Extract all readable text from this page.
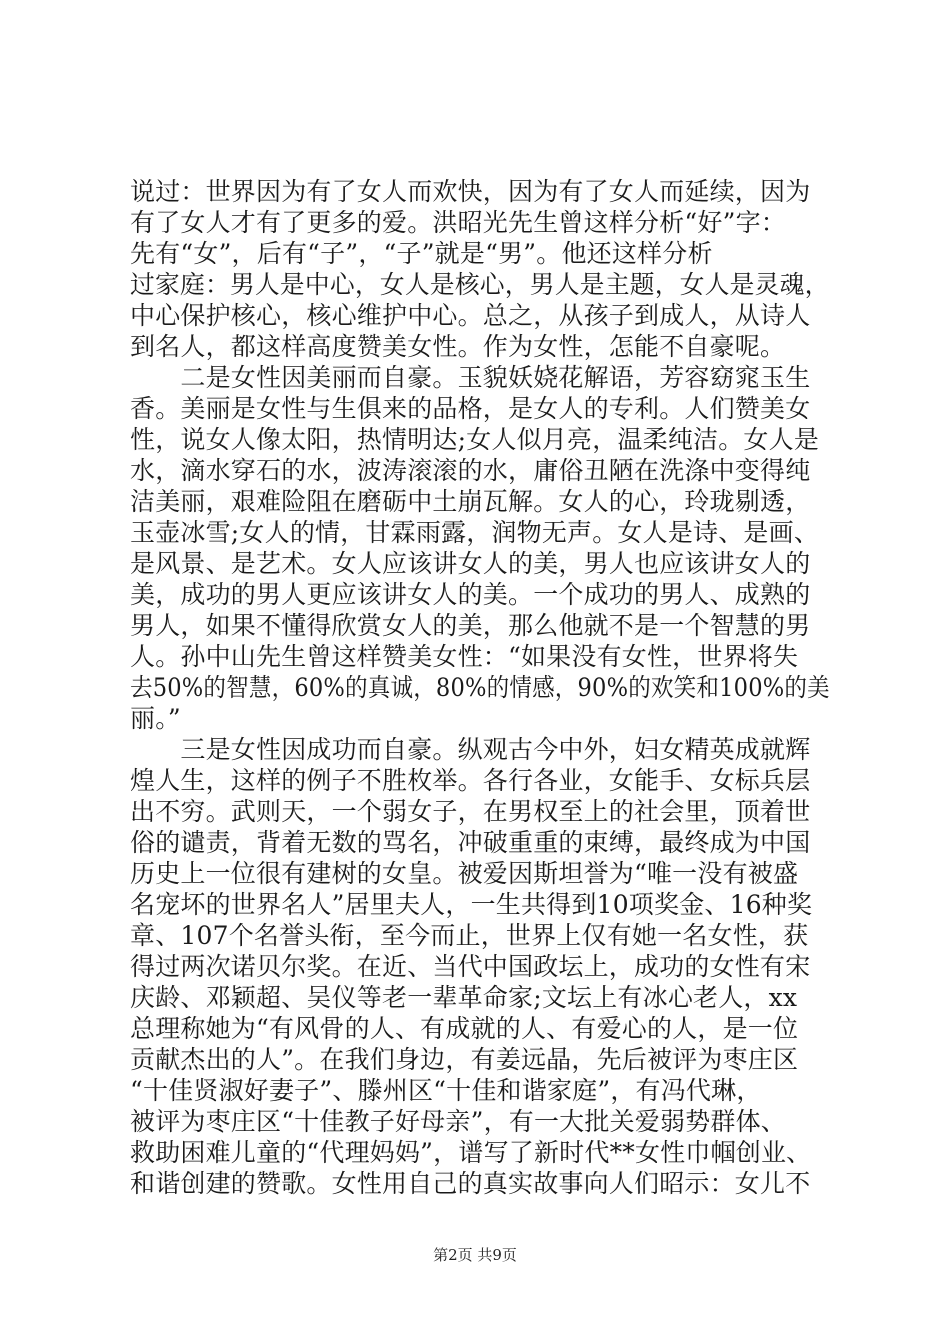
说过：世界因为有了女人而欢快，因为有了女人而延续，因为
有了女人才有了更多的爱。洪昭光先生曾这样分析“好”字：
先有“女”，后有“子”，“子”就是“男”。他还这样分析
过家庭：男人是中心，女人是核心，男人是主题，女人是灵魂，
中心保护核心，核心维护中心。总之，从孩子到成人，从诗人
到名人，都这样高度赞美女性。作为女性，怎能不自豪呢。
　　二是女性因美丽而自豪。玉貌妖娆花解语，芳容窈窕玉生
香。美丽是女性与生俱来的品格，是女人的专利。人们赞美女
性，说女人像太阳，热情明达;女人似月亮，温柔纯洁。女人是
水，滴水穿石的水，波涛滚滚的水，庸俗丑陋在洗涤中变得纯
洁美丽，艰难险阻在磨砺中土崩瓦解。女人的心，玲珑剔透，
玉壶冰雪;女人的情，甘霖雨露，润物无声。女人是诗、是画、
是风景、是艺术。女人应该讲女人的美，男人也应该讲女人的
美，成功的男人更应该讲女人的美。一个成功的男人、成熟的
男人，如果不懂得欣赏女人的美，那么他就不是一个智慧的男
人。孙中山先生曾这样赞美女性：“如果没有女性，世界将失
去50%的智慧，60%的真诚，80%的情感，90%的欢笑和100%的美
丽。”
　　三是女性因成功而自豪。纵观古今中外，妇女精英成就辉
煌人生，这样的例子不胜枚举。各行各业，女能手、女标兵层
出不穷。武则天，一个弱女子，在男权至上的社会里，顶着世
俗的谴责，背着无数的骂名，冲破重重的束缚，最终成为中国
历史上一位很有建树的女皇。被爱因斯坦誉为“唯一没有被盛
名宠坏的世界名人”居里夫人，一生共得到10项奖金、16种奖
章、107个名誉头衔，至今而止，世界上仅有她一名女性，获
得过两次诺贝尔奖。在近、当代中国政坛上，成功的女性有宋
庆龄、邓颖超、吴仪等老一辈革命家;文坛上有冰心老人，xx
总理称她为“有风骨的人、有成就的人、有爱心的人，是一位
贡献杰出的人”。在我们身边，有姜远晶，先后被评为枣庄区
“十佳贤淑好妻子”、滕州区“十佳和谐家庭”，有冯代琳，
被评为枣庄区“十佳教子好母亲”，有一大批关爱弱势群体、
救助困难儿童的“代理妈妈”，谱写了新时代**女性巾帼创业、
和谐创建的赞歌。女性用自己的真实故事向人们昭示：女儿不
第2页 共9页
